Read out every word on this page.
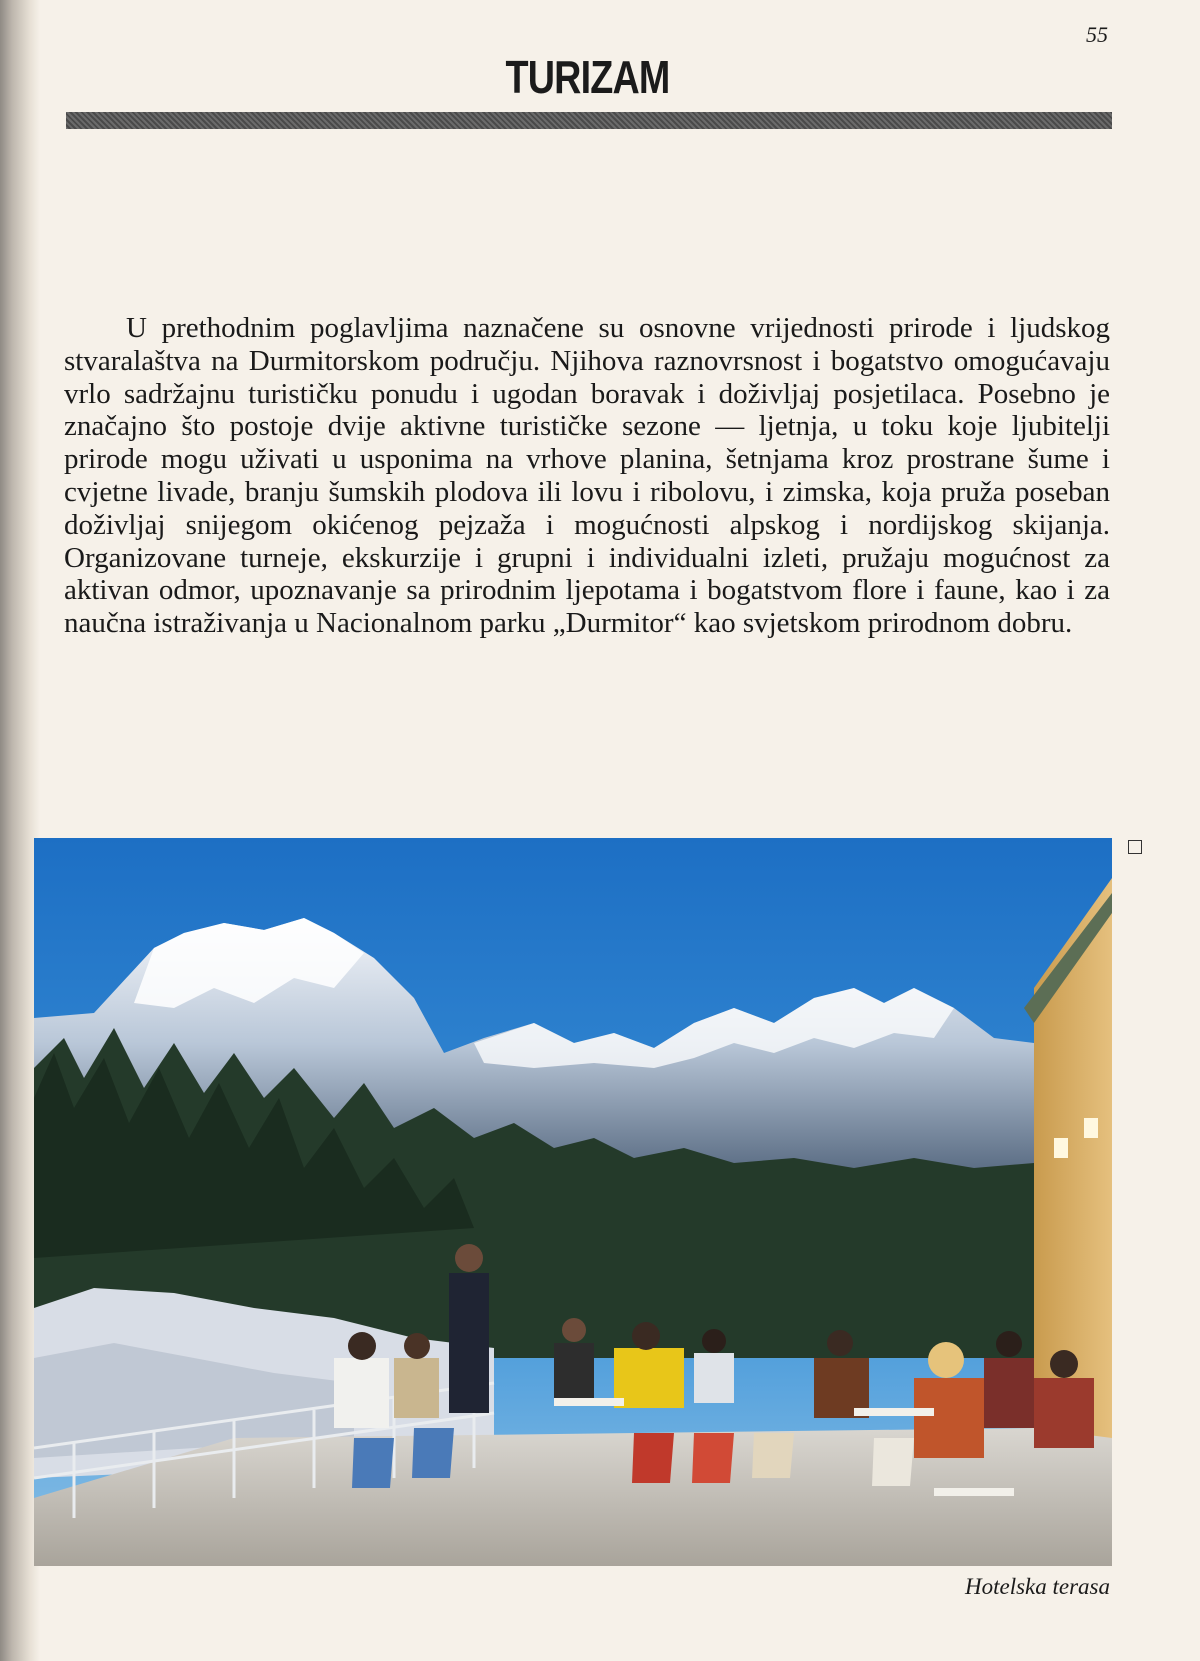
55
TURIZAM
U prethodnim poglavljima naznačene su osnovne vrijednosti prirode i ljudskog stvaralaštva na Durmitorskom području. Njihova raznovrsnost i bogatstvo omogućavaju vrlo sadržajnu turističku ponudu i ugodan boravak i doživljaj posjetilaca. Posebno je značajno što postoje dvije aktivne turističke sezone — ljetnja, u toku koje ljubitelji prirode mogu uživati u usponima na vrhove planina, šetnjama kroz prostrane šume i cvjetne livade, branju šumskih plodova ili lovu i ribolovu, i zimska, koja pruža poseban doživljaj snijegom okićenog pejzaža i mogućnosti alpskog i nordijskog skijanja. Organizovane turneje, ekskurzije i grupni i individualni izleti, pružaju mogućnost za aktivan odmor, upoznavanje sa prirodnim ljepotama i bogatstvom flore i faune, kao i za naučna istraživanja u Nacionalnom parku „Durmitor“ kao svjetskom prirodnom dobru.
Hotelska terasa
